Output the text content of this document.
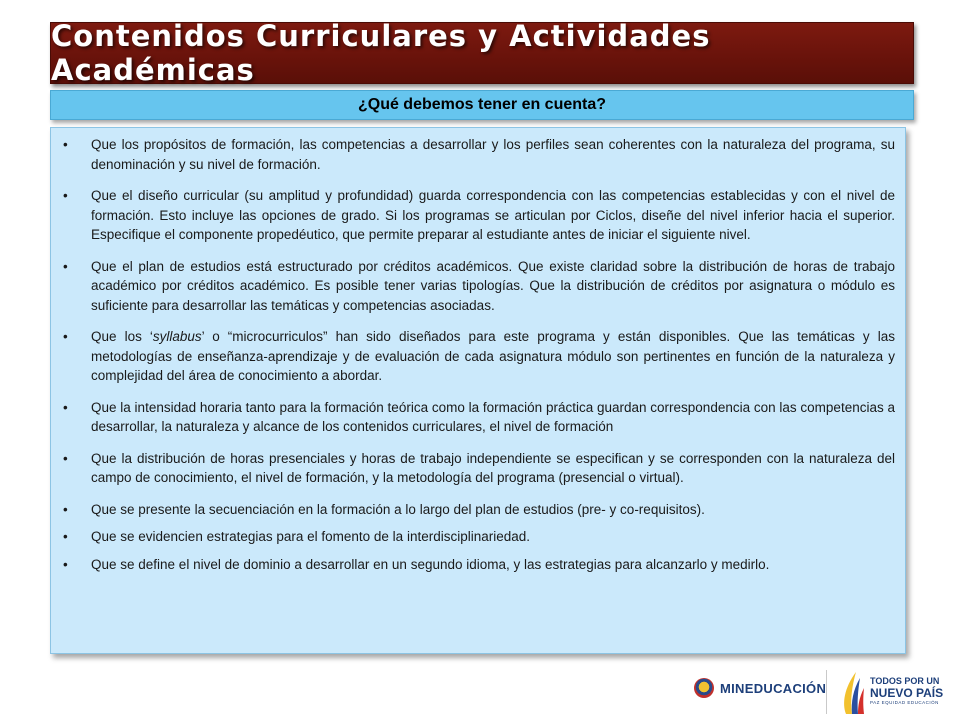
Contenidos Curriculares y Actividades Académicas
¿Qué debemos tener en cuenta?
• Que los propósitos de formación, las competencias a desarrollar y los perfiles sean coherentes con la naturaleza del programa, su denominación y su nivel de formación.
• Que el diseño curricular (su amplitud y profundidad) guarda correspondencia con las competencias establecidas y con el nivel de formación. Esto incluye las opciones de grado. Si los programas se articulan por Ciclos, diseñe del nivel inferior hacia el superior. Especifique el componente propedéutico, que permite preparar al estudiante antes de iniciar el siguiente nivel.
• Que el plan de estudios está estructurado por créditos académicos. Que existe claridad sobre la distribución de horas de trabajo académico por créditos académico. Es posible tener varias tipologías. Que la distribución de créditos por asignatura o módulo es suficiente para desarrollar las temáticas y competencias asociadas.
• Que los ‘syllabus’ o “microcurriculos” han sido diseñados para este programa y están disponibles. Que las temáticas y las metodologías de enseñanza-aprendizaje y de evaluación de cada asignatura módulo son pertinentes en función de la naturaleza y complejidad del área de conocimiento a abordar.
• Que la intensidad horaria tanto para la formación teórica como la formación práctica guardan correspondencia con las competencias a desarrollar, la naturaleza y alcance de los contenidos curriculares, el nivel de formación
• Que la distribución de horas presenciales y horas de trabajo independiente se especifican y se corresponden con la naturaleza del campo de conocimiento, el nivel de formación, y la metodología del programa (presencial o virtual).
• Que se presente la secuenciación en la formación a lo largo del plan de estudios (pre- y co-requisitos).
• Que se evidencien estrategias para el fomento de la interdisciplinariedad.
• Que se define el nivel de dominio a desarrollar en un segundo idioma, y las estrategias para alcanzarlo y medirlo.
MINEDUCACIÓN	TODOS POR UN
NUEVO PAÍS
PAZ EQUIDAD EDUCACIÓN
